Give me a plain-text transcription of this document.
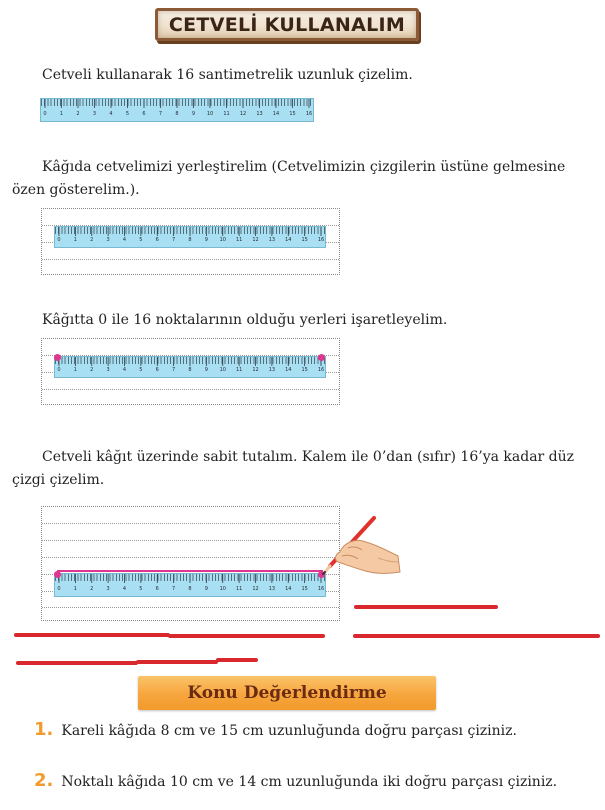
CETVELİ KULLANALIM
Cetveli kullanarak 16 santimetrelik uzunluk çizelim.
0	1	2	3	4	5	6	7	8	9 10 11 12 13 14 15 16
Kâğıda cetvelimizi yerleştirelim (Cetvelimizin çizgilerin üstüne gelmesine
özen gösterelim.).
0	1	2	3	4	5	6	7	8	9 10 11 12 13 14 15 16
Kâğıtta 0 ile 16 noktalarının olduğu yerleri işaretleyelim.
0	1	2	3	4	5	6	7	8	9 10 11 12 13 14 15 16
Cetveli kâğıt üzerinde sabit tutalım. Kalem ile 0’dan (sıfır) 16’ya kadar düz
çizgi çizelim.
0	1	2	3	4	5	6	7	8	9 10 11 12 13 14 15 16
Konu Değerlendirme
1. Kareli kâğıda 8 cm ve 15 cm uzunluğunda doğru parçası çiziniz.
2. Noktalı kâğıda 10 cm ve 14 cm uzunluğunda iki doğru parçası çiziniz.
